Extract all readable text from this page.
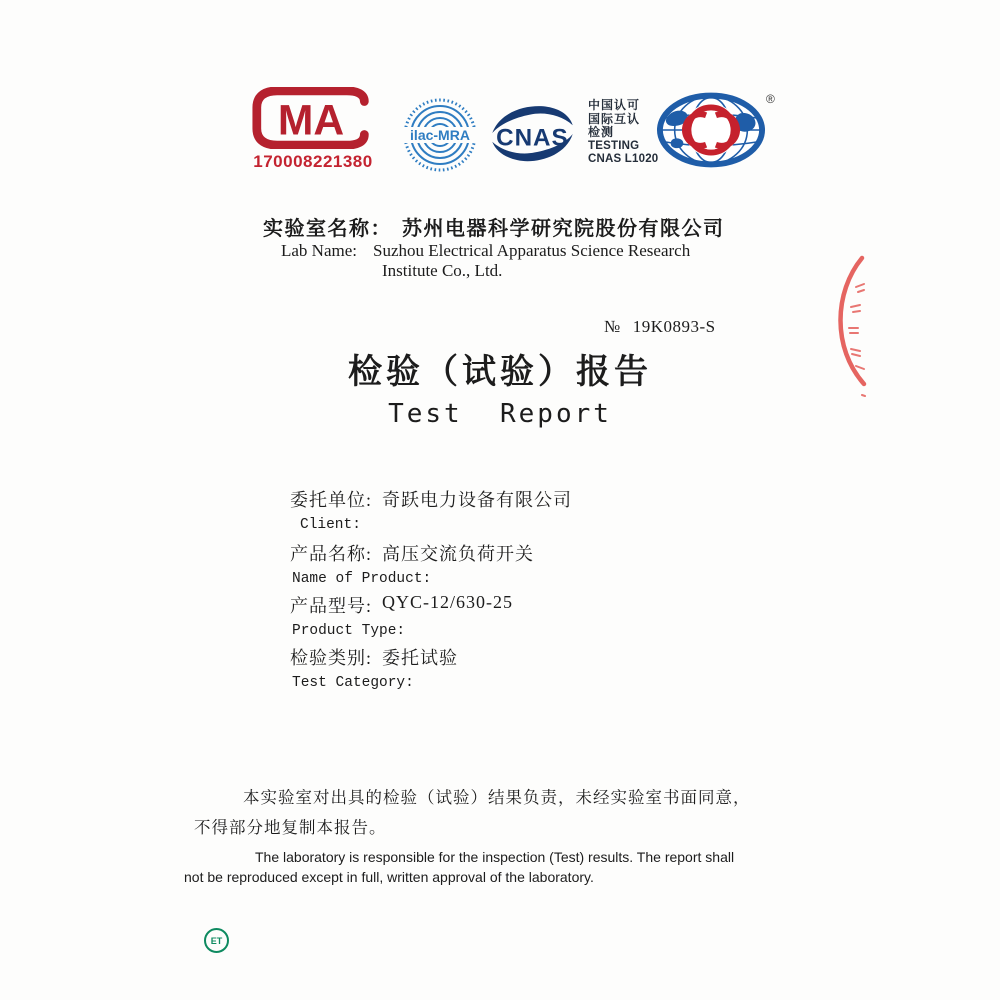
MA
170008221380
ilac-MRA CNAS
中国认可
国际互认
检测
TESTING
CNAS L1020
®
实验室名称： 苏州电器科学研究院股份有限公司
Lab Name: Suzhou Electrical Apparatus Science Research
Institute Co., Ltd.
№ 19K0893-S
检验（试验）报告
Test  Report
委托单位: 奇跃电力设备有限公司
Client:
产品名称: 高压交流负荷开关
Name of Product:
产品型号: QYC-12/630-25
Product Type:
检验类别: 委托试验
Test Category:
本实验室对出具的检验（试验）结果负责，未经实验室书面同意，
不得部分地复制本报告。
The laboratory is responsible for the inspection (Test) results. The report shall
not be reproduced except in full, written approval of the laboratory.
ET
